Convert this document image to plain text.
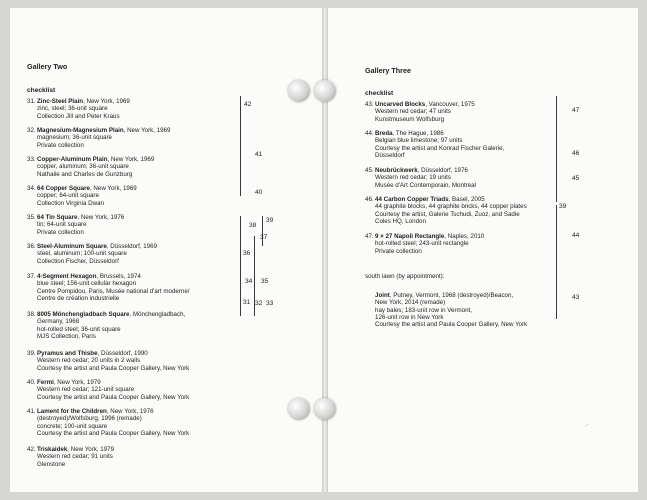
Gallery Two
checklist
31. Zinc-Steel Plain, New York, 1969
zinc, steel; 36-unit square
Collection Jill and Peter Kraus
32. Magnesium-Magnesium Plain, New York, 1969
magnesium; 36-unit square
Private collection
33. Copper-Aluminum Plain, New York, 1969
copper, aluminum; 36-unit square
Nathalie and Charles de Gunzburg
34. 64 Copper Square, New York, 1969
copper; 64-unit square
Collection Virginia Dwan
35. 64 Tin Square, New York, 1976
tin; 64-unit square
Private collection
36. Steel-Aluminum Square, Düsseldorf, 1969
steel, aluminum; 100-unit square
Collection Fischer, Düsseldorf
37. 4-Segment Hexagon, Brussels, 1974
blue steel; 156-unit cellular hexagon
Centre Pompidou, Paris, Musée national d'art moderne/
Centre de création industrielle
38. 8005 Mönchengladbach Square, Mönchengladbach,
Germany, 1968
hot-rolled steel; 36-unit square
MJS Collection, Paris
39. Pyramus and Thisbe, Düsseldorf, 1990
Western red cedar; 20 units in 2 walls
Courtesy the artist and Paula Cooper Gallery, New York
40. Fermi, New York, 1979
Western red cedar; 121-unit square
Courtesy the artist and Paula Cooper Gallery, New York
41. Lament for the Children, New York, 1976
(destroyed)/Wolfsburg, 1996 (remade)
concrete; 100-unit square
Courtesy the artist and Paula Cooper Gallery, New York
42. Triskaidek, New York, 1979
Western red cedar; 91 units
Glenstone
42
41
40
38
39
37
36
34 35
31 32 33
Gallery Three
checklist
43. Uncarved Blocks, Vancouver, 1975
Western red cedar; 47 units
Kunstmuseum Wolfsburg
44. Breda, The Hague, 1986
Belgian blue limestone; 97 units
Courtesy the artist and Konrad Fischer Galerie,
Düsseldorf
45. Neubrückwerk, Düsseldorf, 1976
Western red cedar; 19 units
Musée d'Art Contemporain, Montreal
46. 44 Carbon Copper Triads, Basel, 2005
44 graphite blocks, 44 graphite bricks, 44 copper plates
Courtesy the artist, Galerie Tschudi, Zuoz, and Sadie
Coles HQ, London
47. 9 × 27 Napoli Rectangle, Naples, 2010
hot-rolled steel; 243-unit rectangle
Private collection
south lawn (by appointment):
Joint, Putney, Vermont, 1968 (destroyed)/Beacon,
New York, 2014 (remade)
hay bales; 183-unit row in Vermont,
126-unit row in New York
Courtesy the artist and Paula Cooper Gallery, New York
47
46
45
39
44
43
⸝·
